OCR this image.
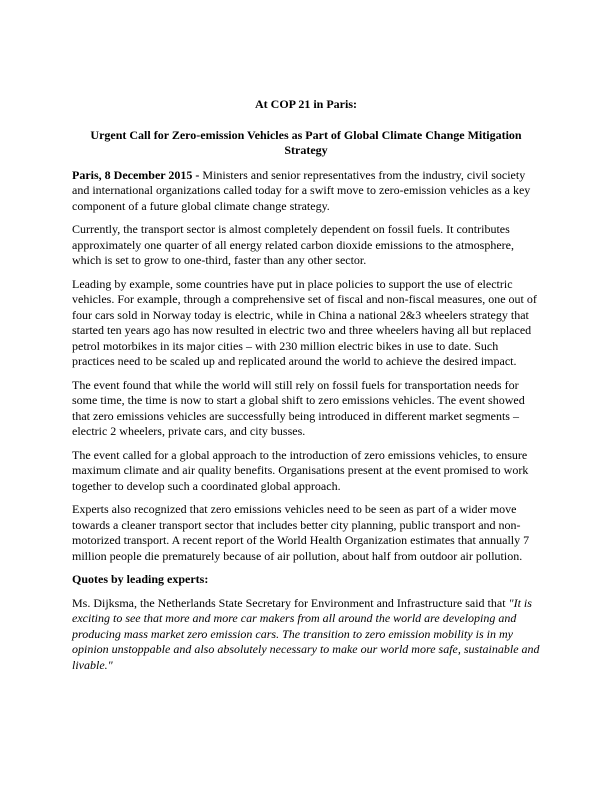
At COP 21 in Paris:
Urgent Call for Zero-emission Vehicles as Part of Global Climate Change Mitigation Strategy

Paris, 8 December 2015 - Ministers and senior representatives from the industry, civil society and international organizations called today for a swift move to zero-emission vehicles as a key component of a future global climate change strategy.

Currently, the transport sector is almost completely dependent on fossil fuels. It contributes approximately one quarter of all energy related carbon dioxide emissions to the atmosphere, which is set to grow to one-third, faster than any other sector.

Leading by example, some countries have put in place policies to support the use of electric vehicles. For example, through a comprehensive set of fiscal and non-fiscal measures, one out of four cars sold in Norway today is electric, while in China a national 2&3 wheelers strategy that started ten years ago has now resulted in electric two and three wheelers having all but replaced petrol motorbikes in its major cities – with 230 million electric bikes in use to date. Such practices need to be scaled up and replicated around the world to achieve the desired impact.

The event found that while the world will still rely on fossil fuels for transportation needs for some time, the time is now to start a global shift to zero emissions vehicles. The event showed that zero emissions vehicles are successfully being introduced in different market segments – electric 2 wheelers, private cars, and city busses.

The event called for a global approach to the introduction of zero emissions vehicles, to ensure maximum climate and air quality benefits. Organisations present at the event promised to work together to develop such a coordinated global approach.

Experts also recognized that zero emissions vehicles need to be seen as part of a wider move towards a cleaner transport sector that includes better city planning, public transport and non-motorized transport. A recent report of the World Health Organization estimates that annually 7 million people die prematurely because of air pollution, about half from outdoor air pollution.

Quotes by leading experts:

Ms. Dijksma, the Netherlands State Secretary for Environment and Infrastructure said that "It is exciting to see that more and more car makers from all around the world are developing and producing mass market zero emission cars. The transition to zero emission mobility is in my opinion unstoppable and also absolutely necessary to make our world more safe, sustainable and livable."
